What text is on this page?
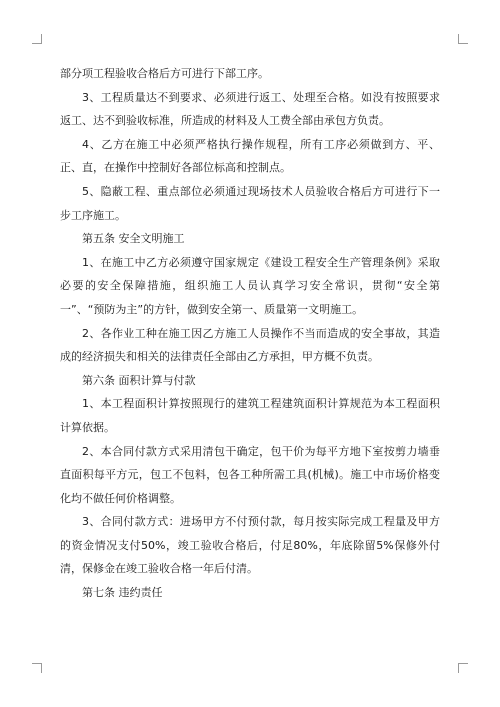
部分项工程验收合格后方可进行下部工序。

3、工程质量达不到要求、必须进行返工、处理至合格。如没有按照要求返工、达不到验收标准，所造成的材料及人工费全部由承包方负责。

4、乙方在施工中必须严格执行操作规程，所有工序必须做到方、平、正、直，在操作中控制好各部位标高和控制点。

5、隐蔽工程、重点部位必须通过现场技术人员验收合格后方可进行下一步工序施工。

第五条 安全文明施工

1、在施工中乙方必须遵守国家规定《建设工程安全生产管理条例》采取必要的安全保障措施，组织施工人员认真学习安全常识，贯彻“安全第一”、“预防为主”的方针，做到安全第一、质量第一文明施工。

2、各作业工种在施工因乙方施工人员操作不当而造成的安全事故，其造成的经济损失和相关的法律责任全部由乙方承担，甲方概不负责。

第六条 面积计算与付款

1、本工程面积计算按照现行的建筑工程建筑面积计算规范为本工程面积计算依据。

2、本合同付款方式采用清包干确定，包干价为每平方地下室按剪力墙垂直面积每平方元，包工不包料，包各工种所需工具(机械)。施工中市场价格变化均不做任何价格调整。

3、合同付款方式：进场甲方不付预付款，每月按实际完成工程量及甲方的资金情况支付50%，竣工验收合格后，付足80%，年底除留5%保修外付清，保修金在竣工验收合格一年后付清。

第七条 违约责任
